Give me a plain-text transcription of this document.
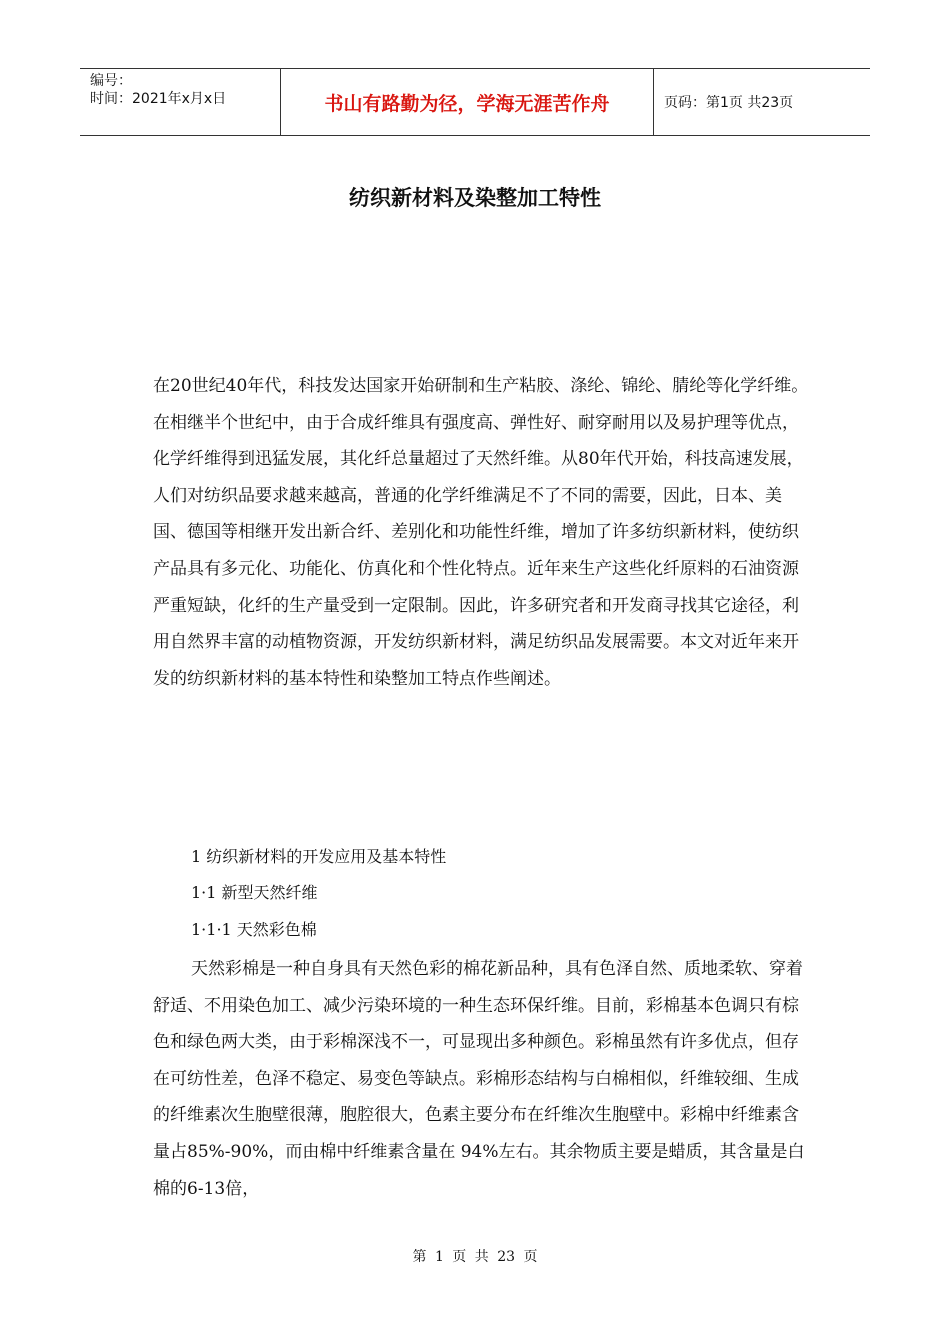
编号：
时间：2021年x月x日	书山有路勤为径，学海无涯苦作舟	页码：第1页 共23页
纺织新材料及染整加工特性

在20世纪40年代，科技发达国家开始研制和生产粘胶、涤纶、锦纶、腈纶等化学纤维。在相继半个世纪中，由于合成纤维具有强度高、弹性好、耐穿耐用以及易护理等优点，化学纤维得到迅猛发展，其化纤总量超过了天然纤维。从80年代开始，科技高速发展，人们对纺织品要求越来越高，普通的化学纤维满足不了不同的需要，因此，日本、美国、德国等相继开发出新合纤、差别化和功能性纤维，增加了许多纺织新材料，使纺织产品具有多元化、功能化、仿真化和个性化特点。近年来生产这些化纤原料的石油资源严重短缺，化纤的生产量受到一定限制。因此，许多研究者和开发商寻找其它途径，利用自然界丰富的动植物资源，开发纺织新材料，满足纺织品发展需要。本文对近年来开发的纺织新材料的基本特性和染整加工特点作些阐述。

1 纺织新材料的开发应用及基本特性

1·1 新型天然纤维

1·1·1 天然彩色棉

天然彩棉是一种自身具有天然色彩的棉花新品种，具有色泽自然、质地柔软、穿着舒适、不用染色加工、减少污染环境的一种生态环保纤维。目前，彩棉基本色调只有棕色和绿色两大类，由于彩棉深浅不一，可显现出多种颜色。彩棉虽然有许多优点，但存在可纺性差，色泽不稳定、易变色等缺点。彩棉形态结构与白棉相似，纤维较细、生成的纤维素次生胞壁很薄，胞腔很大，色素主要分布在纤维次生胞壁中。彩棉中纤维素含量占85%-90%，而由棉中纤维素含量在 94%左右。其余物质主要是蜡质，其含量是白棉的6-13倍，

第 1 页 共 23 页
